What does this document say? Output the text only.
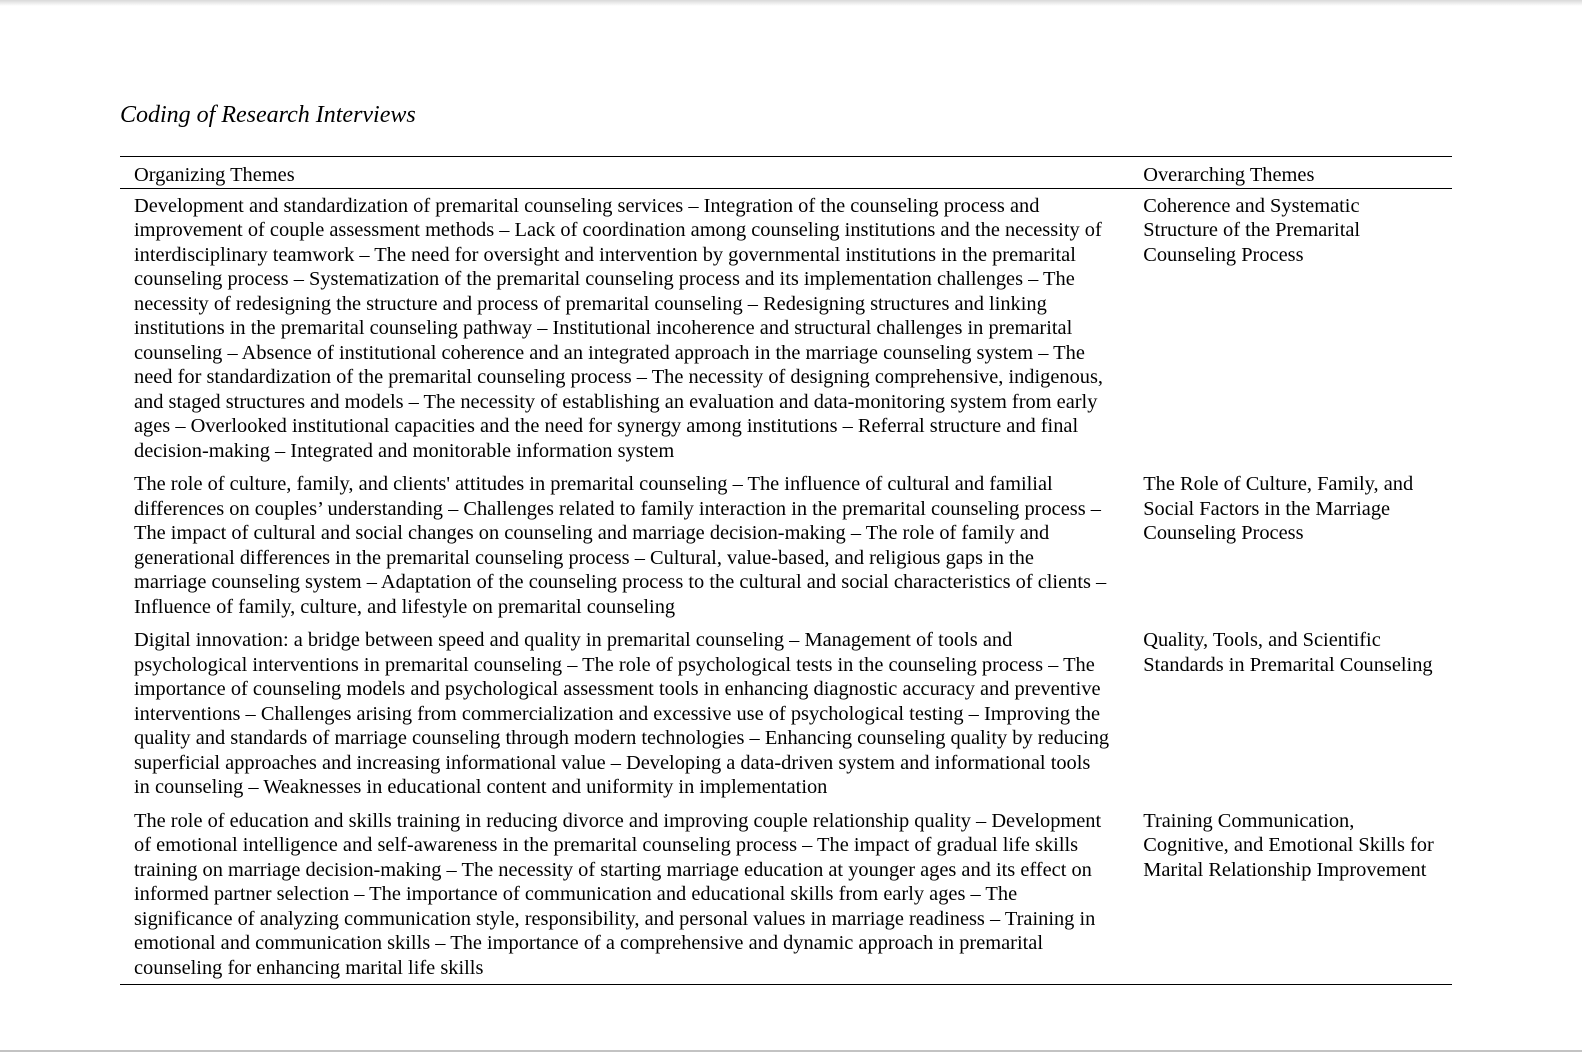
Coding of Research Interviews
Organizing Themes	Overarching Themes
Development and standardization of premarital counseling services – Integration of the counseling process and improvement of couple assessment methods – Lack of coordination among counseling institutions and the necessity of interdisciplinary teamwork – The need for oversight and intervention by governmental institutions in the premarital counseling process – Systematization of the premarital counseling process and its implementation challenges – The necessity of redesigning the structure and process of premarital counseling – Redesigning structures and linking institutions in the premarital counseling pathway – Institutional incoherence and structural challenges in premarital counseling – Absence of institutional coherence and an integrated approach in the marriage counseling system – The need for standardization of the premarital counseling process – The necessity of designing comprehensive, indigenous, and staged structures and models – The necessity of establishing an evaluation and data-monitoring system from early ages – Overlooked institutional capacities and the need for synergy among institutions – Referral structure and final decision-making – Integrated and monitorable information system	Coherence and Systematic Structure of the Premarital Counseling Process
The role of culture, family, and clients' attitudes in premarital counseling – The influence of cultural and familial differences on couples’ understanding – Challenges related to family interaction in the premarital counseling process – The impact of cultural and social changes on counseling and marriage decision-making – The role of family and generational differences in the premarital counseling process – Cultural, value-based, and religious gaps in the marriage counseling system – Adaptation of the counseling process to the cultural and social characteristics of clients – Influence of family, culture, and lifestyle on premarital counseling	The Role of Culture, Family, and Social Factors in the Marriage Counseling Process
Digital innovation: a bridge between speed and quality in premarital counseling – Management of tools and psychological interventions in premarital counseling – The role of psychological tests in the counseling process – The importance of counseling models and psychological assessment tools in enhancing diagnostic accuracy and preventive interventions – Challenges arising from commercialization and excessive use of psychological testing – Improving the quality and standards of marriage counseling through modern technologies – Enhancing counseling quality by reducing superficial approaches and increasing informational value – Developing a data-driven system and informational tools in counseling – Weaknesses in educational content and uniformity in implementation	Quality, Tools, and Scientific Standards in Premarital Counseling
The role of education and skills training in reducing divorce and improving couple relationship quality – Development of emotional intelligence and self-awareness in the premarital counseling process – The impact of gradual life skills training on marriage decision-making – The necessity of starting marriage education at younger ages and its effect on informed partner selection – The importance of communication and educational skills from early ages – The significance of analyzing communication style, responsibility, and personal values in marriage readiness – Training in emotional and communication skills – The importance of a comprehensive and dynamic approach in premarital counseling for enhancing marital life skills	Training Communication, Cognitive, and Emotional Skills for Marital Relationship Improvement
